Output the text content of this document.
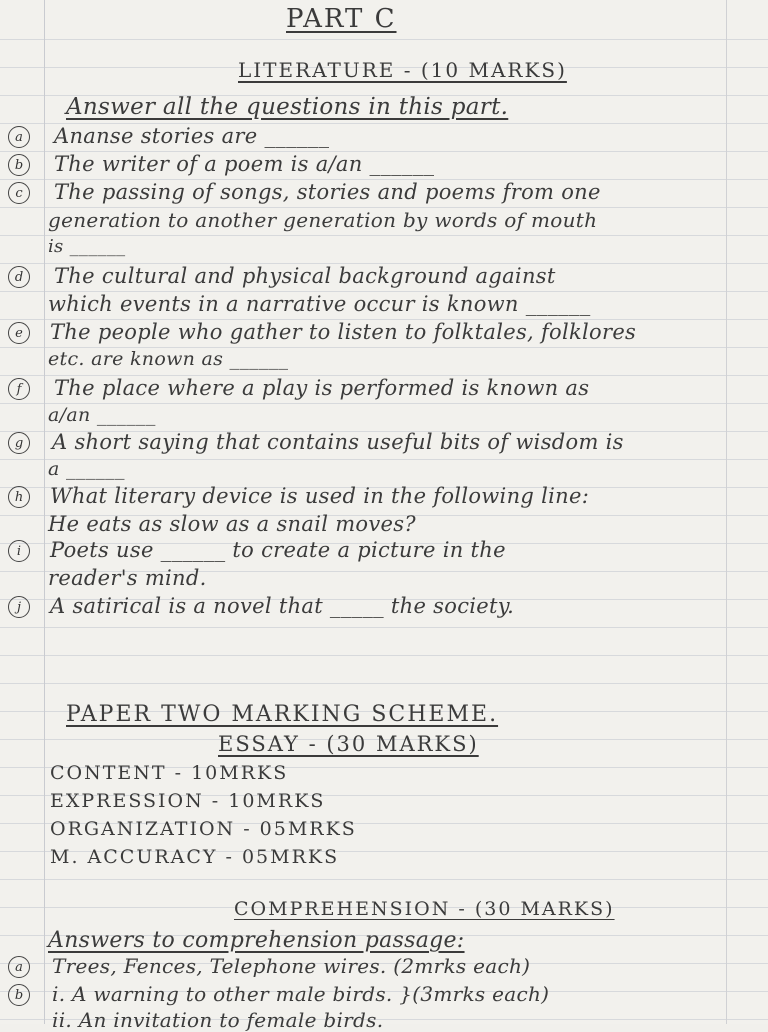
PART C
LITERATURE - (10 MARKS)
Answer all the questions in this part.
a	Ananse stories are ______
b	The writer of a poem is a/an ______
c	The passing of songs, stories and poems from one
generation to another generation by words of mouth
is ______
d	The cultural and physical background against
which events in a narrative occur is known ______
e	The people who gather to listen to folktales, folklores
etc. are known as ______
f	The place where a play is performed is known as
a/an ______
g	A short saying that contains useful bits of wisdom is
a ______
h	What literary device is used in the following line:
He eats as slow as a snail moves?
i	Poets use ______ to create a picture in the
reader's mind.
j	A satirical is a novel that _____ the society.
PAPER TWO MARKING SCHEME.
ESSAY - (30 MARKS)
CONTENT - 10MRKS
EXPRESSION - 10MRKS
ORGANIZATION - 05MRKS
M. ACCURACY - 05MRKS
COMPREHENSION - (30 MARKS)
Answers to comprehension passage:
a	Trees, Fences, Telephone wires. (2mrks each)
b	i. A warning to other male birds. }(3mrks each)
ii. An invitation to female birds.
